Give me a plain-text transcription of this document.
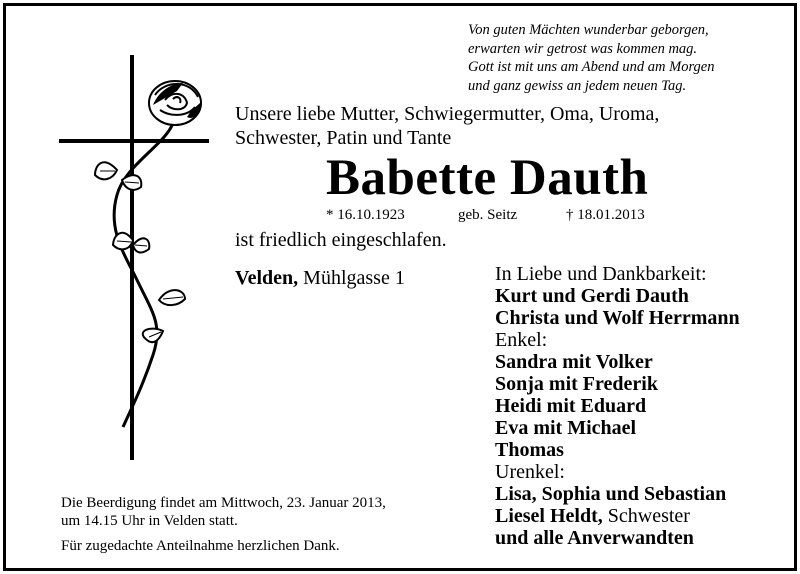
Von guten Mächten wunderbar geborgen,
erwarten wir getrost was kommen mag.
Gott ist mit uns am Abend und am Morgen
und ganz gewiss an jedem neuen Tag.
Unsere liebe Mutter, Schwiegermutter, Oma, Uroma,
Schwester, Patin und Tante
Babette Dauth
* 16.10.1923	geb. Seitz	† 18.01.2013
ist friedlich eingeschlafen.
Velden, Mühlgasse 1	In Liebe und Dankbarkeit:
Kurt und Gerdi Dauth
Christa und Wolf Herrmann
Enkel:
Sandra mit Volker
Sonja mit Frederik
Heidi mit Eduard
Eva mit Michael
Thomas
Urenkel:
Lisa, Sophia und Sebastian
Liesel Heldt, Schwester
und alle Anverwandten
Die Beerdigung findet am Mittwoch, 23. Januar 2013,
um 14.15 Uhr in Velden statt.
Für zugedachte Anteilnahme herzlichen Dank.
